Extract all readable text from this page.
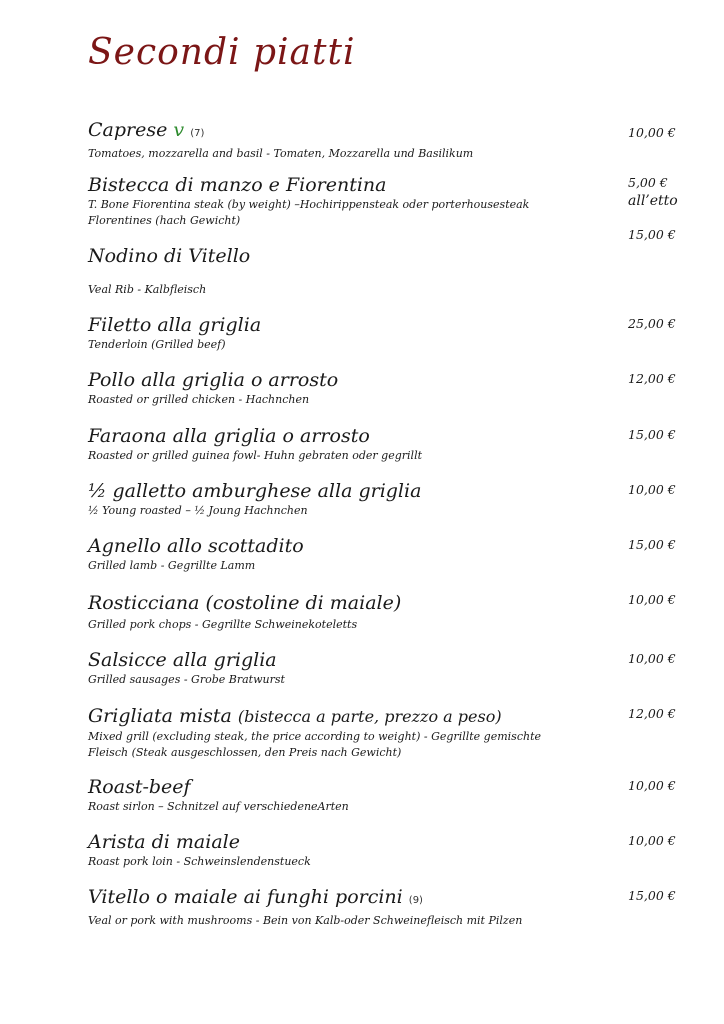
Secondi piatti
Caprese v (7)
Tomatoes, mozzarella and basil - Tomaten, Mozzarella und Basilikum
10,00 €
Bistecca di manzo e Fiorentina
T. Bone Fiorentina steak (by weight) –Hochirippensteak oder porterhousesteak
Florentines (hach Gewicht)
5,00 €
all’etto
Nodino di Vitello
Veal Rib - Kalbfleisch
15,00 €
Filetto alla griglia
Tenderloin (Grilled beef)
25,00 €
Pollo alla griglia o arrosto
Roasted or grilled chicken - Hachnchen
12,00 €
Faraona alla griglia o arrosto
Roasted or grilled guinea fowl- Huhn gebraten oder gegrillt
15,00 €
½ galletto amburghese alla griglia
½ Young roasted – ½ Joung Hachnchen
10,00 €
Agnello allo scottadito
Grilled lamb - Gegrillte Lamm
15,00 €
Rosticciana (costoline di maiale)
Grilled pork chops - Gegrillte Schweinekoteletts
10,00 €
Salsicce alla griglia
Grilled sausages - Grobe Bratwurst
10,00 €
Grigliata mista (bistecca a parte, prezzo a peso)
Mixed grill (excluding steak, the price according to weight) - Gegrillte gemischte
Fleisch (Steak ausgeschlossen, den Preis nach Gewicht)
12,00 €
Roast-beef
Roast sirlon – Schnitzel auf verschiedeneArten
10,00 €
Arista di maiale
Roast pork loin - Schweinslendenstueck
10,00 €
Vitello o maiale ai funghi porcini (9)
Veal or pork with mushrooms - Bein von Kalb-oder Schweinefleisch mit Pilzen
15,00 €
